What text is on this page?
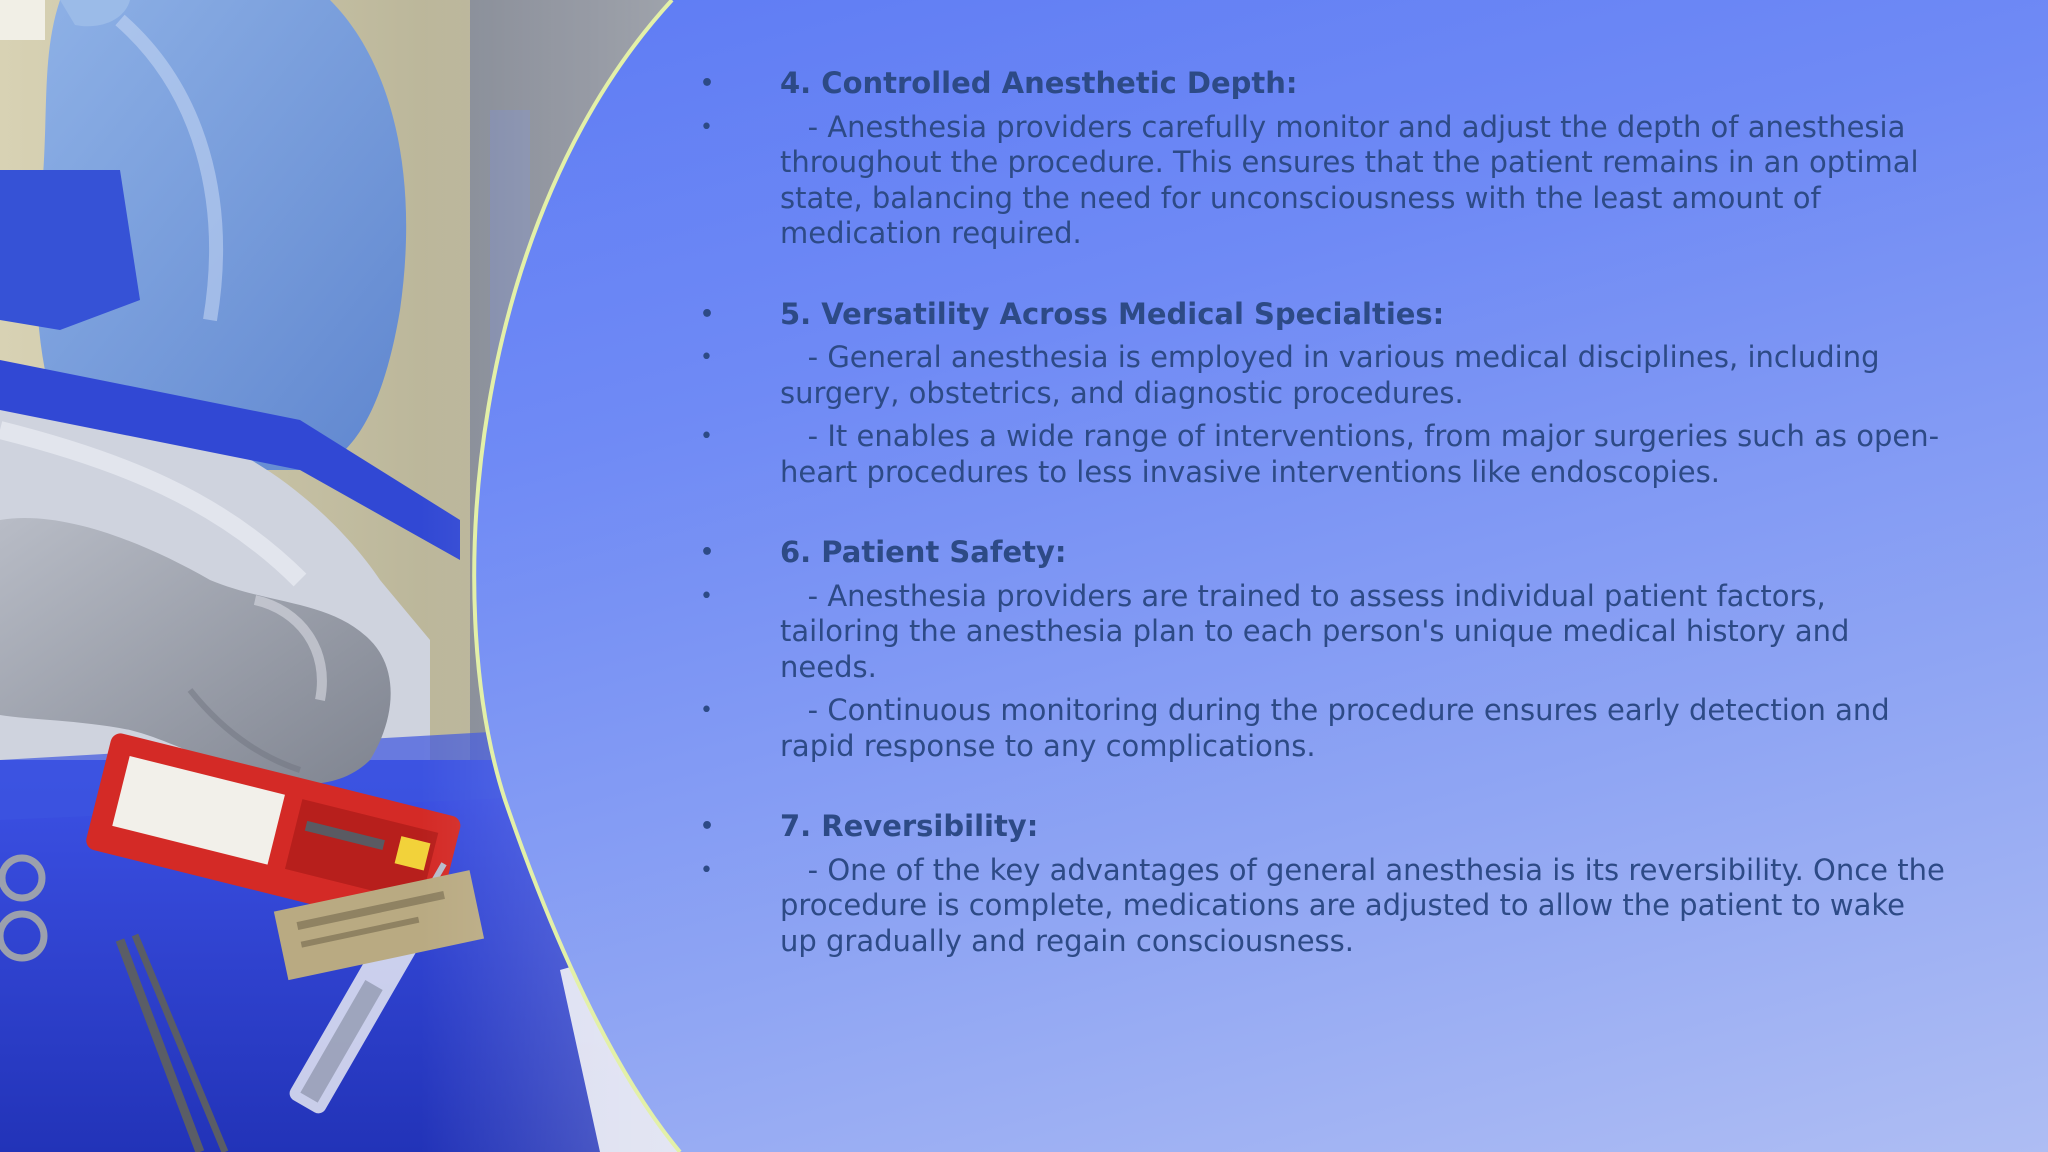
• 4. Controlled Anesthetic Depth:
•	- Anesthesia providers carefully monitor and adjust the depth of anesthesia throughout the procedure. This ensures that the patient remains in an optimal state, balancing the need for unconsciousness with the least amount of medication required.
• 5. Versatility Across Medical Specialties:
•	- General anesthesia is employed in various medical disciplines, including surgery, obstetrics, and diagnostic procedures.
•	- It enables a wide range of interventions, from major surgeries such as open-heart procedures to less invasive interventions like endoscopies.
• 6. Patient Safety:
•	- Anesthesia providers are trained to assess individual patient factors, tailoring the anesthesia plan to each person's unique medical history and needs.
•	- Continuous monitoring during the procedure ensures early detection and rapid response to any complications.
• 7. Reversibility:
•	- One of the key advantages of general anesthesia is its reversibility. Once the procedure is complete, medications are adjusted to allow the patient to wake up gradually and regain consciousness.
